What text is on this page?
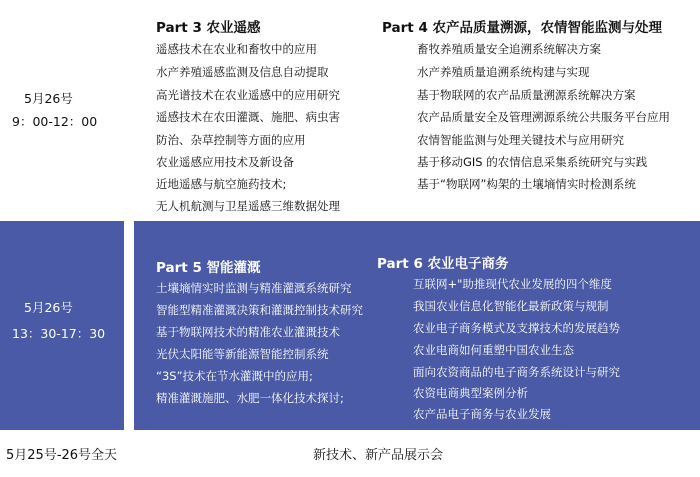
5月26号
9：00-12：00
Part 3 农业遥感
遥感技术在农业和畜牧中的应用
水产养殖遥感监测及信息自动提取
高光谱技术在农业遥感中的应用研究
遥感技术在农田灌溉、施肥、病虫害
防治、杂草控制等方面的应用
农业遥感应用技术及新设备
近地遥感与航空施药技术;
无人机航测与卫星遥感三维数据处理
Part 4 农产品质量溯源，农情智能监测与处理
畜牧养殖质量安全追溯系统解决方案
水产养殖质量追溯系统构建与实现
基于物联网的农产品质量溯源系统解决方案
农产品质量安全及管理溯源系统公共服务平台应用
农情智能监测与处理关键技术与应用研究
基于移动GIS 的农情信息采集系统研究与实践
基于“物联网”构架的土壤墒情实时检测系统
5月26号
13：30-17：30
Part 5 智能灌溉
土壤墒情实时监测与精准灌溉系统研究
智能型精准灌溉决策和灌溉控制技术研究
基于物联网技术的精准农业灌溉技术
光伏太阳能等新能源智能控制系统
“3S”技术在节水灌溉中的应用;
精准灌溉施肥、水肥一体化技术探讨;
Part 6 农业电子商务
互联网+"助推现代农业发展的四个维度
我国农业信息化智能化最新政策与规制
农业电子商务模式及支撑技术的发展趋势
农业电商如何重塑中国农业生态
面向农资商品的电子商务系统设计与研究
农资电商典型案例分析
农产品电子商务与农业发展
5月25号-26号全天	新技术、新产品展示会
